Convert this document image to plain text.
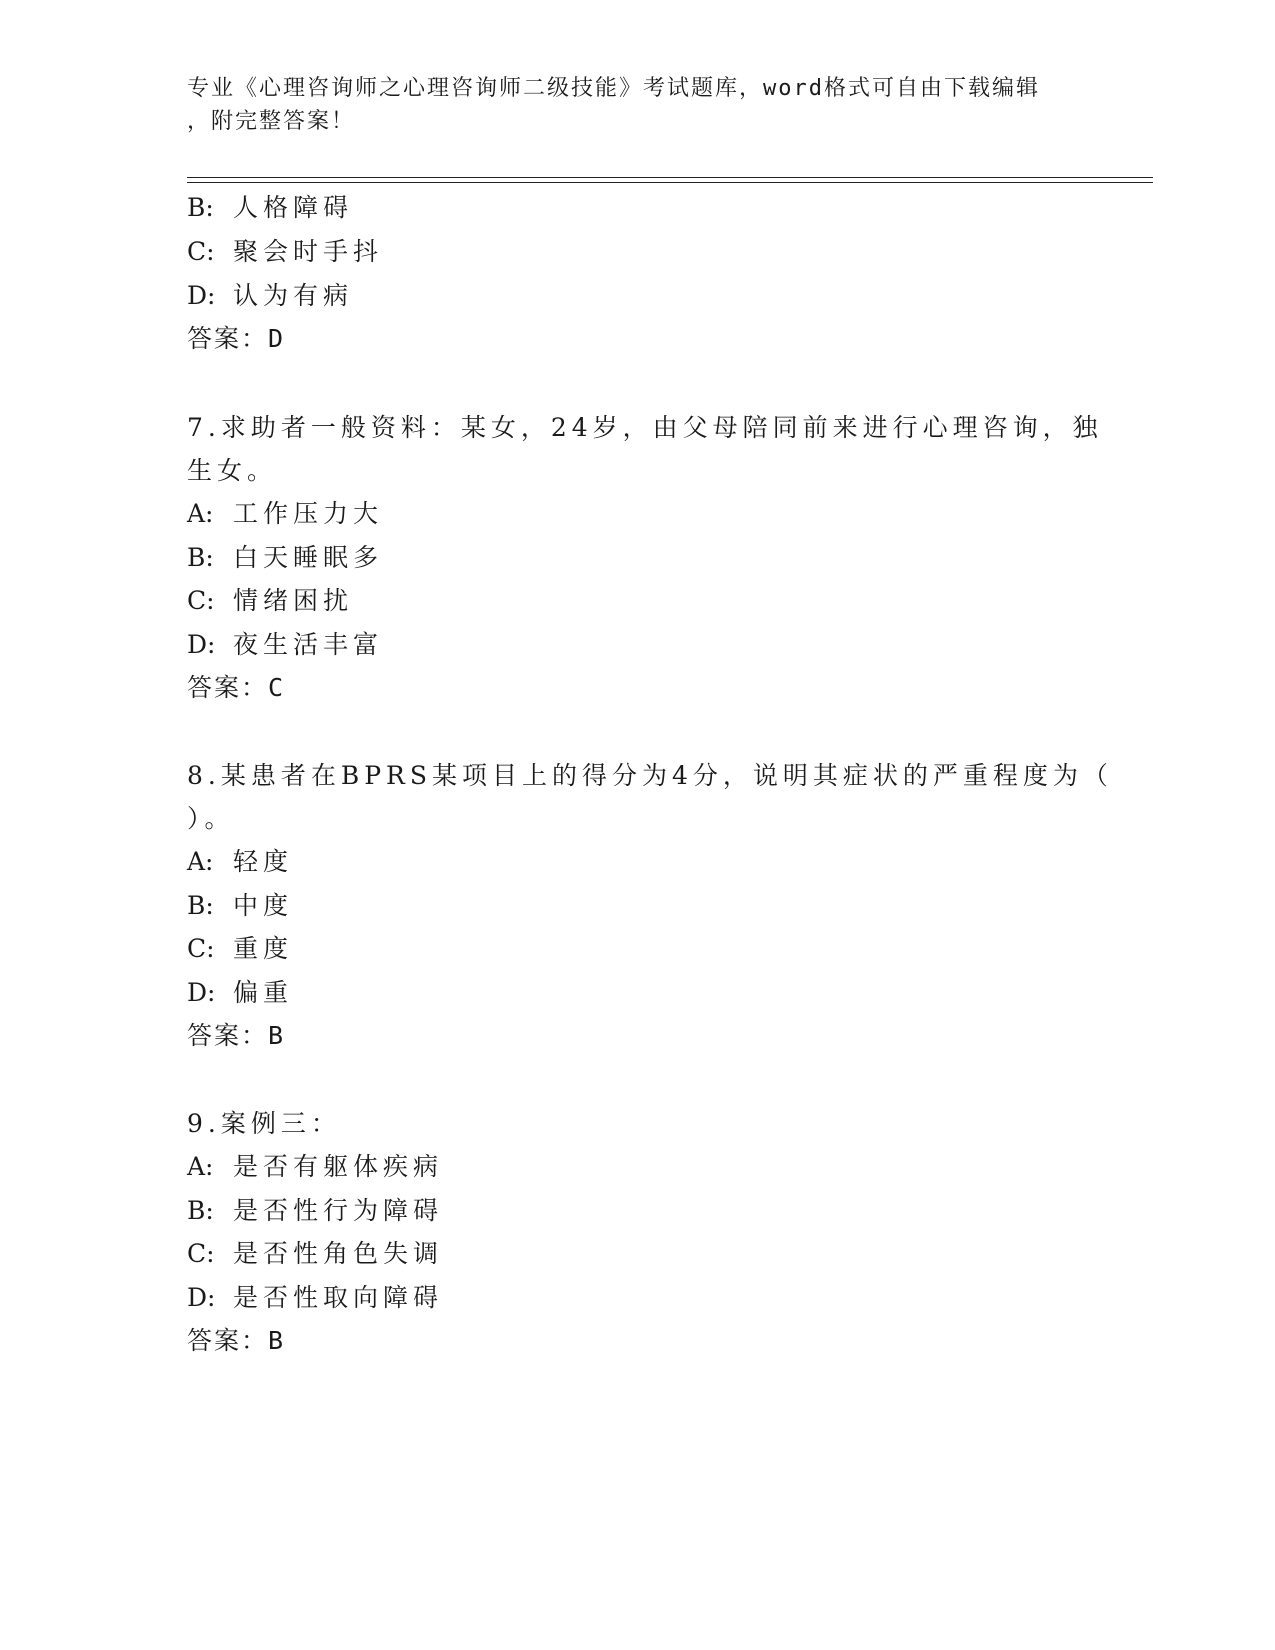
专业《心理咨询师之心理咨询师二级技能》考试题库，word格式可自由下载编辑
，附完整答案！
B: 人格障碍
C: 聚会时手抖
D: 认为有病
答案：D
7.求助者一般资料：某女，24岁，由父母陪同前来进行心理咨询，独
生女。
A: 工作压力大
B: 白天睡眠多
C: 情绪困扰
D: 夜生活丰富
答案：C
8.某患者在BPRS某项目上的得分为4分，说明其症状的严重程度为（
）。
A: 轻度
B: 中度
C: 重度
D: 偏重
答案：B
9.案例三：
A: 是否有躯体疾病
B: 是否性行为障碍
C: 是否性角色失调
D: 是否性取向障碍
答案：B
